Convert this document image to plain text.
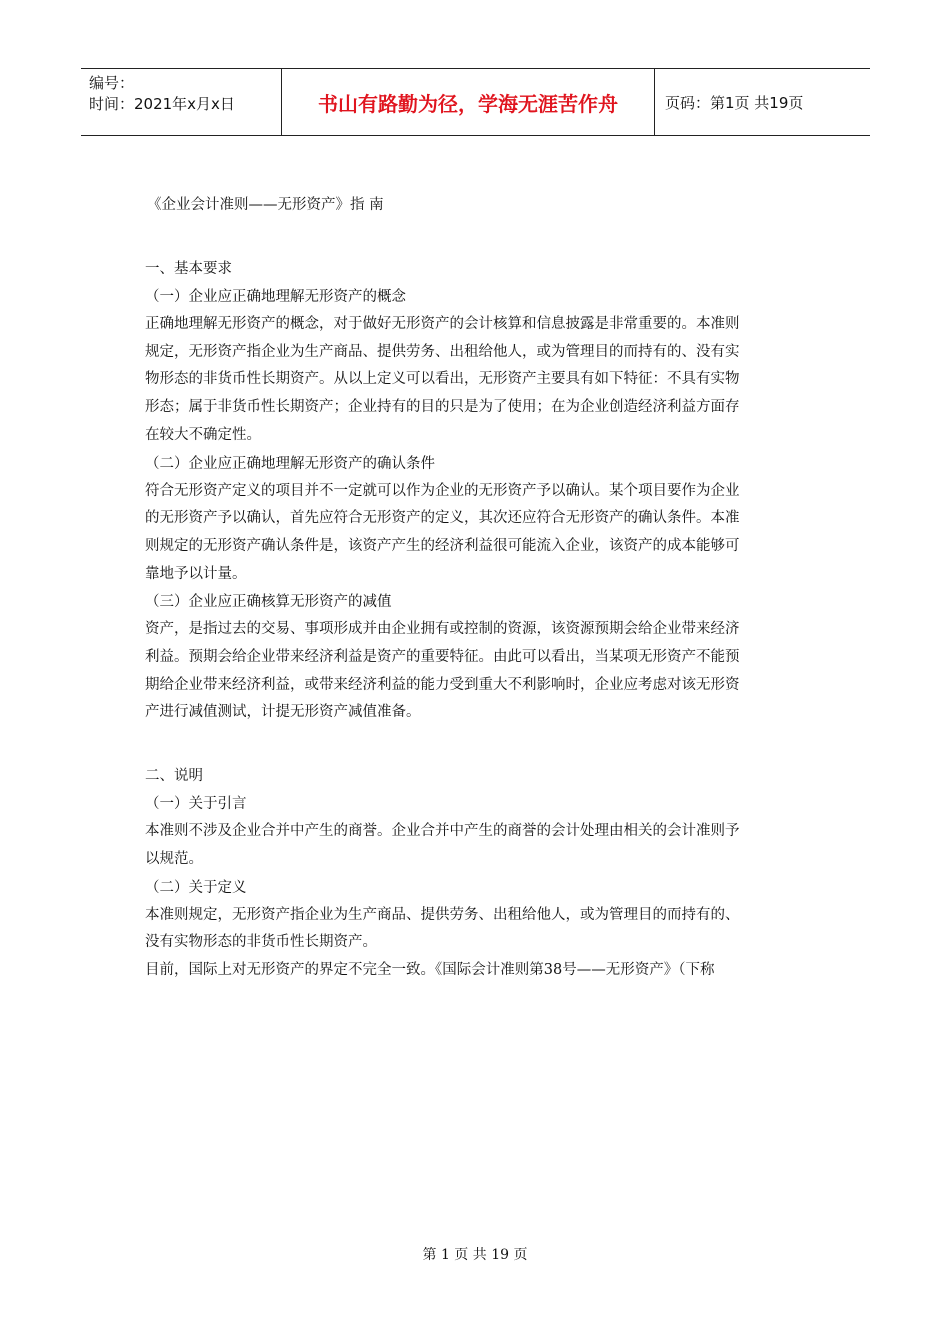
编号：
时间：2021年x月x日	书山有路勤为径，学海无涯苦作舟	页码：第1页 共19页
《企业会计准则——无形资产》指 南
一、基本要求
（一）企业应正确地理解无形资产的概念
正确地理解无形资产的概念，对于做好无形资产的会计核算和信息披露是非常重要的。本准则
规定，无形资产指企业为生产商品、提供劳务、出租给他人，或为管理目的而持有的、没有实
物形态的非货币性长期资产。从以上定义可以看出，无形资产主要具有如下特征：不具有实物
形态；属于非货币性长期资产；企业持有的目的只是为了使用；在为企业创造经济利益方面存
在较大不确定性。
（二）企业应正确地理解无形资产的确认条件
符合无形资产定义的项目并不一定就可以作为企业的无形资产予以确认。某个项目要作为企业
的无形资产予以确认，首先应符合无形资产的定义，其次还应符合无形资产的确认条件。本准
则规定的无形资产确认条件是，该资产产生的经济利益很可能流入企业，该资产的成本能够可
靠地予以计量。
（三）企业应正确核算无形资产的减值
资产，是指过去的交易、事项形成并由企业拥有或控制的资源，该资源预期会给企业带来经济
利益。预期会给企业带来经济利益是资产的重要特征。由此可以看出，当某项无形资产不能预
期给企业带来经济利益，或带来经济利益的能力受到重大不利影响时，企业应考虑对该无形资
产进行减值测试，计提无形资产减值准备。
二、说明
（一）关于引言
本准则不涉及企业合并中产生的商誉。企业合并中产生的商誉的会计处理由相关的会计准则予
以规范。
（二）关于定义
本准则规定，无形资产指企业为生产商品、提供劳务、出租给他人，或为管理目的而持有的、
没有实物形态的非货币性长期资产。
目前，国际上对无形资产的界定不完全一致。《国际会计准则第38号——无形资产》（下称
第 1 页 共 19 页
